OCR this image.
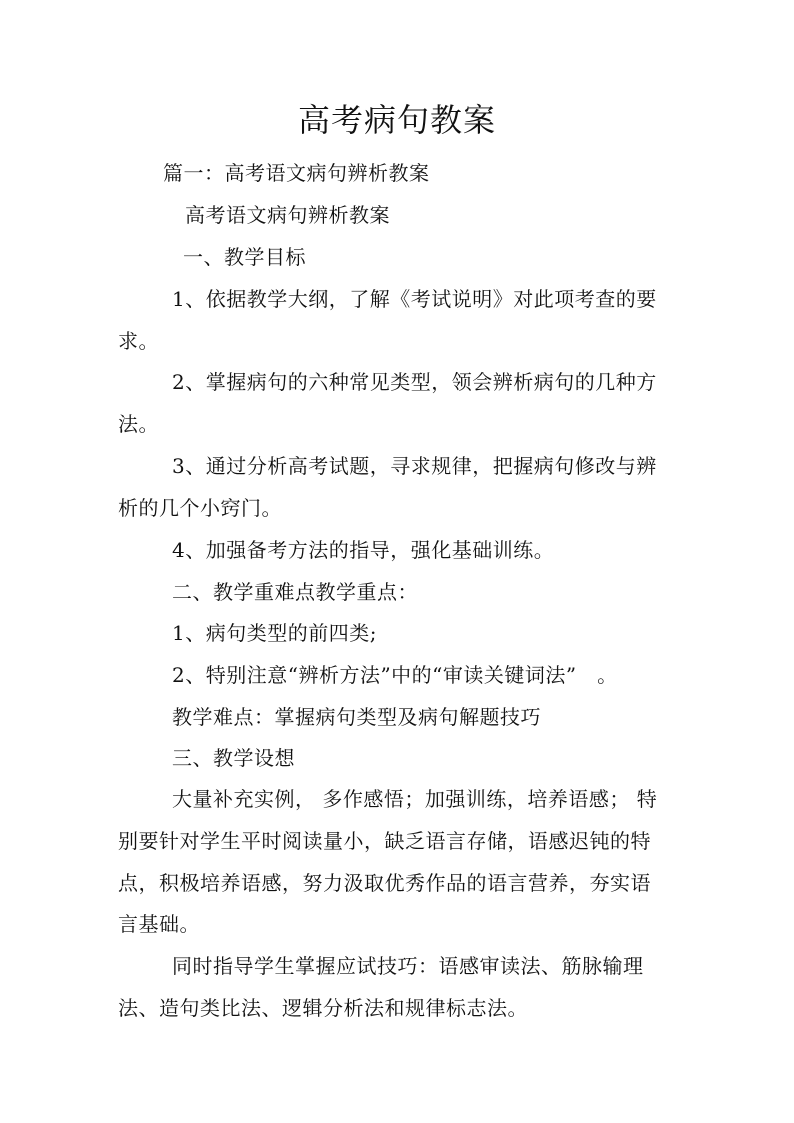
高考病句教案
篇一：高考语文病句辨析教案
高考语文病句辨析教案
一、教学目标
1、依据教学大纲，了解《考试说明》对此项考查的要
求。
2、掌握病句的六种常见类型，领会辨析病句的几种方
法。
3、通过分析高考试题，寻求规律，把握病句修改与辨
析的几个小窍门。
4、加强备考方法的指导，强化基础训练。
二、教学重难点教学重点：
1、病句类型的前四类;
2、特别注意“辨析方法”中的“审读关键词法”　。
教学难点：掌握病句类型及病句解题技巧
三、教学设想
大量补充实例， 多作感悟；加强训练，培养语感； 特
别要针对学生平时阅读量小，缺乏语言存储，语感迟钝的特
点，积极培养语感，努力汲取优秀作品的语言营养，夯实语
言基础。
同时指导学生掌握应试技巧：语感审读法、筋脉输理
法、造句类比法、逻辑分析法和规律标志法。
